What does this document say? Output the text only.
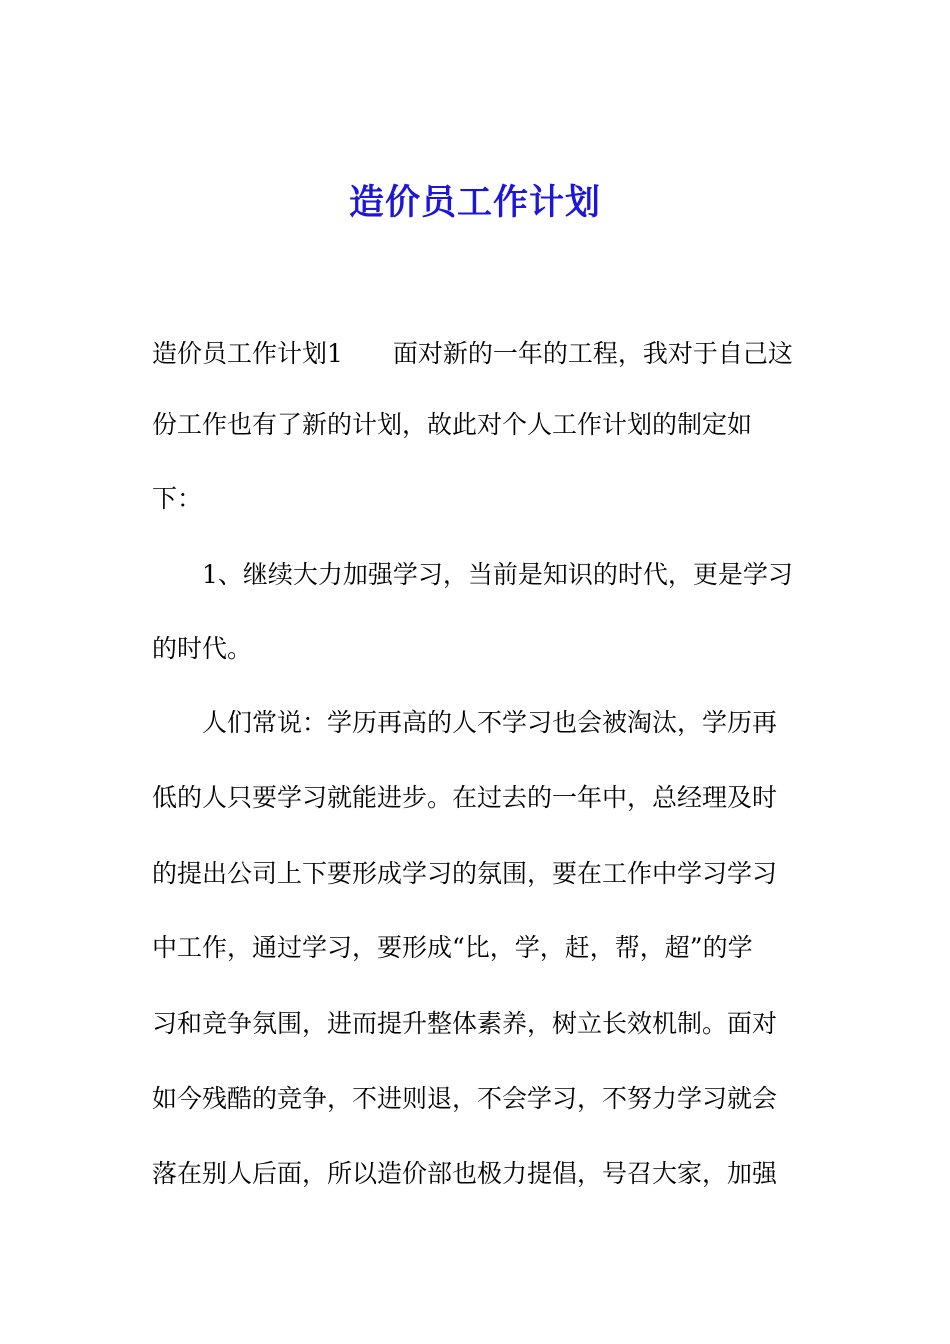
造价员工作计划

造价员工作计划1　　面对新的一年的工程，我对于自己这

份工作也有了新的计划，故此对个人工作计划的制定如

下：

1、继续大力加强学习，当前是知识的时代，更是学习

的时代。

人们常说：学历再高的人不学习也会被淘汰，学历再

低的人只要学习就能进步。在过去的一年中，总经理及时

的提出公司上下要形成学习的氛围，要在工作中学习学习

中工作，通过学习，要形成“比，学，赶，帮，超”的学

习和竞争氛围，进而提升整体素养，树立长效机制。面对

如今残酷的竞争，不进则退，不会学习，不努力学习就会

落在别人后面，所以造价部也极力提倡，号召大家，加强
